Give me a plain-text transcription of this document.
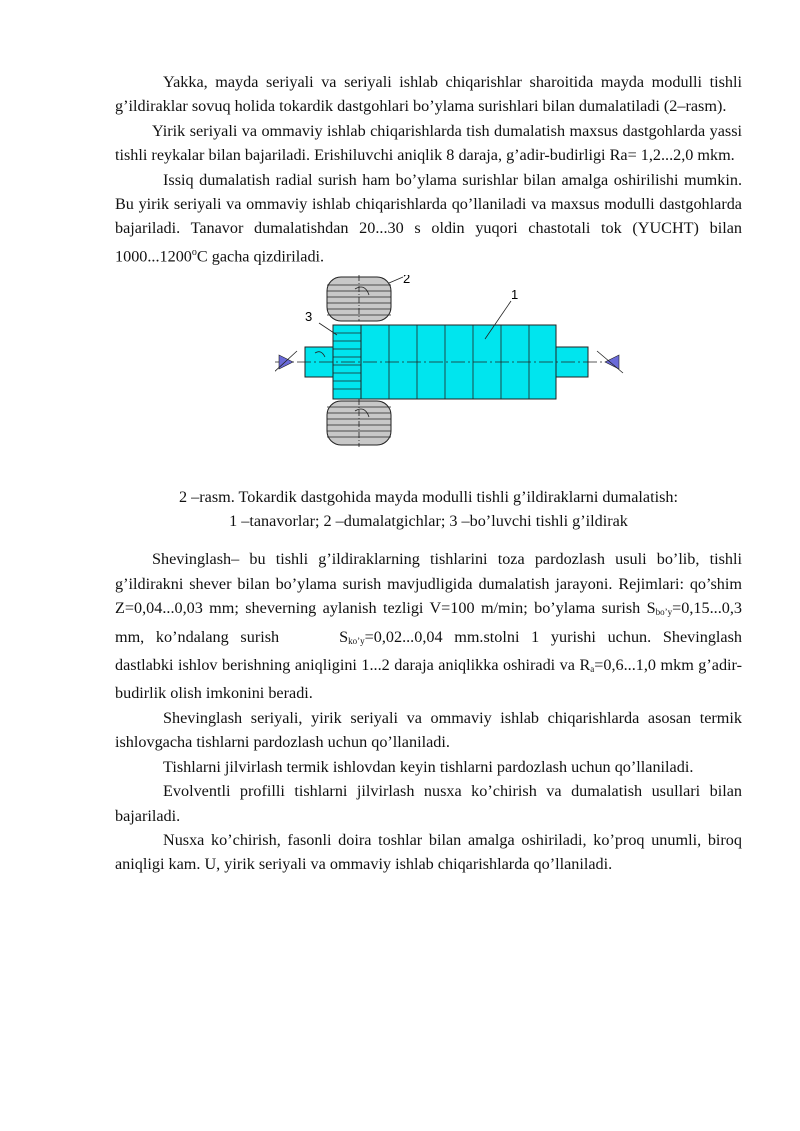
Yakka, mayda seriyali va seriyali ishlab chiqarishlar sharoitida mayda modulli tishli g’ildiraklar sovuq holida tokardik dastgohlari bo’ylama surishlari bilan dumalatiladi (2–rasm).

Yirik seriyali va ommaviy ishlab chiqarishlarda tish dumalatish maxsus dastgohlarda yassi tishli reykalar bilan bajariladi. Erishiluvchi aniqlik 8 daraja, g’adir-budirligi Ra= 1,2...2,0 mkm.

Issiq dumalatish radial surish ham bo’ylama surishlar bilan amalga oshirilishi mumkin. Bu yirik seriyali va ommaviy ishlab chiqarishlarda qo’llaniladi va maxsus modulli dastgohlarda bajariladi. Tanavor dumalatishdan 20...30 s oldin yuqori chastotali tok (YUCHT) bilan 1000...1200$^o$C gacha qizdiriladi.

2
1
3
2 –rasm. Tokardik dastgohida mayda modulli tishli g’ildiraklarni dumalatish:
1 –tanavorlar; 2 –dumalatgichlar; 3 –bo’luvchi tishli g’ildirak

Shevinglash– bu tishli g’ildiraklarning tishlarini toza pardozlash usuli bo’lib, tishli g’ildirakni shever bilan bo’ylama surish mavjudligida dumalatish jarayoni. Rejimlari: qo’shim Z=0,04...0,03 mm; sheverning aylanish tezligi V=100 m/min; bo’ylama surish $S_{bo’y}=0,15...0,3$ mm, ko’ndalang surish	$S_{ko’y}=0,02...0,04$ mm.stolni 1 yurishi uchun. Shevinglash dastlabki ishlov berishning aniqligini 1...2 daraja aniqlikka oshiradi va $R_a=0,6...1,0$ mkm g’adir-budirlik olish imkonini beradi.

Shevinglash seriyali, yirik seriyali va ommaviy ishlab chiqarishlarda asosan termik ishlovgacha tishlarni pardozlash uchun qo’llaniladi.

Tishlarni jilvirlash termik ishlovdan keyin tishlarni pardozlash uchun qo’llaniladi.

Evolventli profilli tishlarni jilvirlash nusxa ko’chirish va dumalatish usullari bilan bajariladi.

Nusxa ko’chirish, fasonli doira toshlar bilan amalga oshiriladi, ko’proq unumli, biroq aniqligi kam. U, yirik seriyali va ommaviy ishlab chiqarishlarda qo’llaniladi.
